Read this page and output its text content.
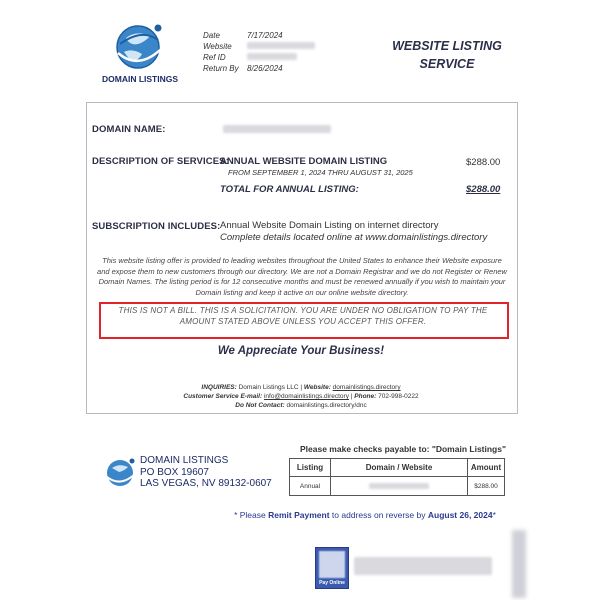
DOMAIN LISTINGS
Date	7/17/2024
Website
Ref ID
Return By	8/26/2024
WEBSITE LISTING
SERVICE
DOMAIN NAME:
DESCRIPTION OF SERVICES:
ANNUAL WEBSITE DOMAIN LISTING
FROM SEPTEMBER 1, 2024 THRU AUGUST 31, 2025
$288.00
TOTAL FOR ANNUAL LISTING:	$288.00
SUBSCRIPTION INCLUDES: Annual Website Domain Listing on internet directory
Complete details located online at www.domainlistings.directory
This website listing offer is provided to leading websites throughout the United States to enhance their Website exposure and expose them to new customers through our directory. We are not a Domain Registrar and we do not Register or Renew Domain Names. The listing period is for 12 consecutive months and must be renewed annually if you wish to maintain your Domain listing and keep it active on our online website directory.
THIS IS NOT A BILL. THIS IS A SOLICITATION. YOU ARE UNDER NO OBLIGATION TO PAY THE AMOUNT STATED ABOVE UNLESS YOU ACCEPT THIS OFFER.
We Appreciate Your Business!
INQUIRIES: Domain Listings LLC | Website: domainlistings.directory
Customer Service E-mail: info@domainlistings.directory | Phone: 702-998-0222
Do Not Contact: domainlistings.directory/dnc
DOMAIN LISTINGS
PO BOX 19607
LAS VEGAS, NV 89132-0607
Please make checks payable to: "Domain Listings"
Listing	Domain / Website	Amount
Annual		$288.00
* Please Remit Payment to address on reverse by August 26, 2024*
Pay Online
